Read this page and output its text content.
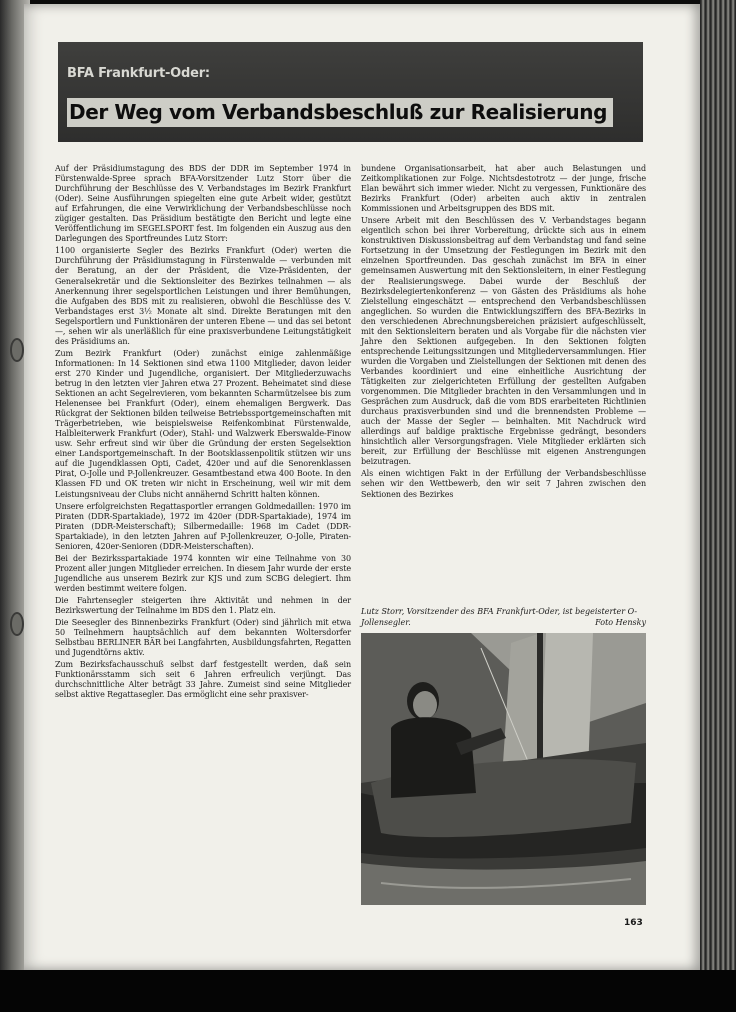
BFA Frankfurt-Oder:
Der Weg vom Verbandsbeschluß zur Realisierung

Auf der Präsidiumstagung des BDS der DDR im September 1974 in Fürstenwalde-Spree sprach BFA-Vorsitzender Lutz Storr über die Durchführung der Beschlüsse des V. Verbandstages im Bezirk Frankfurt (Oder). Seine Ausführungen spiegelten eine gute Arbeit wider, gestützt auf Erfahrungen, die eine Verwirklichung der Verbandsbeschlüsse noch zügiger gestalten. Das Präsidium bestätigte den Bericht und legte eine Veröffentlichung im SEGELSPORT fest. Im folgenden ein Auszug aus den Darlegungen des Sportfreundes Lutz Storr:

1100 organisierte Segler des Bezirks Frankfurt (Oder) werten die Durchführung der Präsidiumstagung in Fürstenwalde — verbunden mit der Beratung, an der der Präsident, die Vize-Präsidenten, der Generalsekretär und die Sektionsleiter des Bezirkes teilnahmen — als Anerkennung ihrer segelsportlichen Leistungen und ihrer Bemühungen, die Aufgaben des BDS mit zu realisieren, obwohl die Beschlüsse des V. Verbandstages erst 3½ Monate alt sind. Direkte Beratungen mit den Segelsportlern und Funktionären der unteren Ebene — und das sei betont —, sehen wir als unerläßlich für eine praxisverbundene Leitungstätigkeit des Präsidiums an.

Zum Bezirk Frankfurt (Oder) zunächst einige zahlenmäßige Informationen: In 14 Sektionen sind etwa 1100 Mitglieder, davon leider erst 270 Kinder und Jugendliche, organisiert. Der Mitgliederzuwachs betrug in den letzten vier Jahren etwa 27 Prozent. Beheimatet sind diese Sektionen an acht Segelrevieren, vom bekannten Scharmützelsee bis zum Helenensee bei Frankfurt (Oder), einem ehemaligen Bergwerk. Das Rückgrat der Sektionen bilden teilweise Betriebssportgemeinschaften mit Trägerbetrieben, wie beispielsweise Reifenkombinat Fürstenwalde, Halbleiterwerk Frankfurt (Oder), Stahl- und Walzwerk Eberswalde-Finow usw. Sehr erfreut sind wir über die Gründung der ersten Segelsektion einer Landsportgemeinschaft. In der Bootsklassenpolitik stützen wir uns auf die Jugendklassen Opti, Cadet, 420er und auf die Senorenklassen Pirat, O-Jolle und P-Jollenkreuzer. Gesamtbestand etwa 400 Boote. In den Klassen FD und OK treten wir nicht in Erscheinung, weil wir mit dem Leistungsniveau der Clubs nicht annähernd Schritt halten können.

Unsere erfolgreichsten Regattasportler errangen Goldmedaillen: 1970 im Piraten (DDR-Spartakiade), 1972 im 420er (DDR-Spartakiade), 1974 im Piraten (DDR-Meisterschaft); Silbermedaille: 1968 im Cadet (DDR-Spartakiade), in den letzten Jahren auf P-Jollenkreuzer, O-Jolle, Piraten-Senioren, 420er-Senioren (DDR-Meisterschaften).

Bei der Bezirksspartakiade 1974 konnten wir eine Teilnahme von 30 Prozent aller jungen Mitglieder erreichen. In diesem Jahr wurde der erste Jugendliche aus unserem Bezirk zur KJS und zum SCBG delegiert. Ihm werden bestimmt weitere folgen.

Die Fahrtensegler steigerten ihre Aktivität und nehmen in der Bezirkswertung der Teilnahme im BDS den 1. Platz ein.

Die Seesegler des Binnenbezirks Frankfurt (Oder) sind jährlich mit etwa 50 Teilnehmern hauptsächlich auf dem bekannten Woltersdorfer Selbstbau BERLINER BÄR bei Langfahrten, Ausbildungsfahrten, Regatten und Jugendtörns aktiv.

Zum Bezirksfachausschuß selbst darf festgestellt werden, daß sein Funktionärsstamm sich seit 6 Jahren erfreulich verjüngt. Das durchschnittliche Alter beträgt 33 Jahre. Zumeist sind seine Mitglieder selbst aktive Regattasegler. Das ermöglicht eine sehr praxisver-

bundene Organisationsarbeit, hat aber auch Belastungen und Zeitkomplikationen zur Folge. Nichtsdestotrotz — der junge, frische Elan bewährt sich immer wieder. Nicht zu vergessen, Funktionäre des Bezirks Frankfurt (Oder) arbeiten auch aktiv in zentralen Kommissionen und Arbeitsgruppen des BDS mit.

Unsere Arbeit mit den Beschlüssen des V. Verbandstages begann eigentlich schon bei ihrer Vorbereitung, drückte sich aus in einem konstruktiven Diskussionsbeitrag auf dem Verbandstag und fand seine Fortsetzung in der Umsetzung der Festlegungen im Bezirk mit den einzelnen Sportfreunden. Das geschah zunächst im BFA in einer gemeinsamen Auswertung mit den Sektionsleitern, in einer Festlegung der Realisierungswege. Dabei wurde der Beschluß der Bezirksdelegiertenkonferenz — von Gästen des Präsidiums als hohe Zielstellung eingeschätzt — entsprechend den Verbandsbeschlüssen angeglichen. So wurden die Entwicklungsziffern des BFA-Bezirks in den verschiedenen Abrechnungsbereichen präzisiert aufgeschlüsselt, mit den Sektionsleitern beraten und als Vorgabe für die nächsten vier Jahre den Sektionen aufgegeben. In den Sektionen folgten entsprechende Leitungssitzungen und Mitgliederversammlungen. Hier wurden die Vorgaben und Zielstellungen der Sektionen mit denen des Verbandes koordiniert und eine einheitliche Ausrichtung der Tätigkeiten zur zielgerichteten Erfüllung der gestellten Aufgaben vorgenommen. Die Mitglieder brachten in den Versammlungen und in Gesprächen zum Ausdruck, daß die vom BDS erarbeiteten Richtlinien durchaus praxisverbunden sind und die brennendsten Probleme — auch der Masse der Segler — beinhalten. Mit Nachdruck wird allerdings auf baldige praktische Ergebnisse gedrängt, besonders hinsichtlich aller Versorgungsfragen. Viele Mitglieder erklärten sich bereit, zur Erfüllung der Beschlüsse mit eigenen Anstrengungen beizutragen.

Als einen wichtigen Fakt in der Erfüllung der Verbandsbeschlüsse sehen wir den Wettbewerb, den wir seit 7 Jahren zwischen den Sektionen des Bezirkes

Lutz Storr, Vorsitzender des BFA Frankfurt-Oder, ist begeisterter O-Jollensegler.	Foto Hensky
163
